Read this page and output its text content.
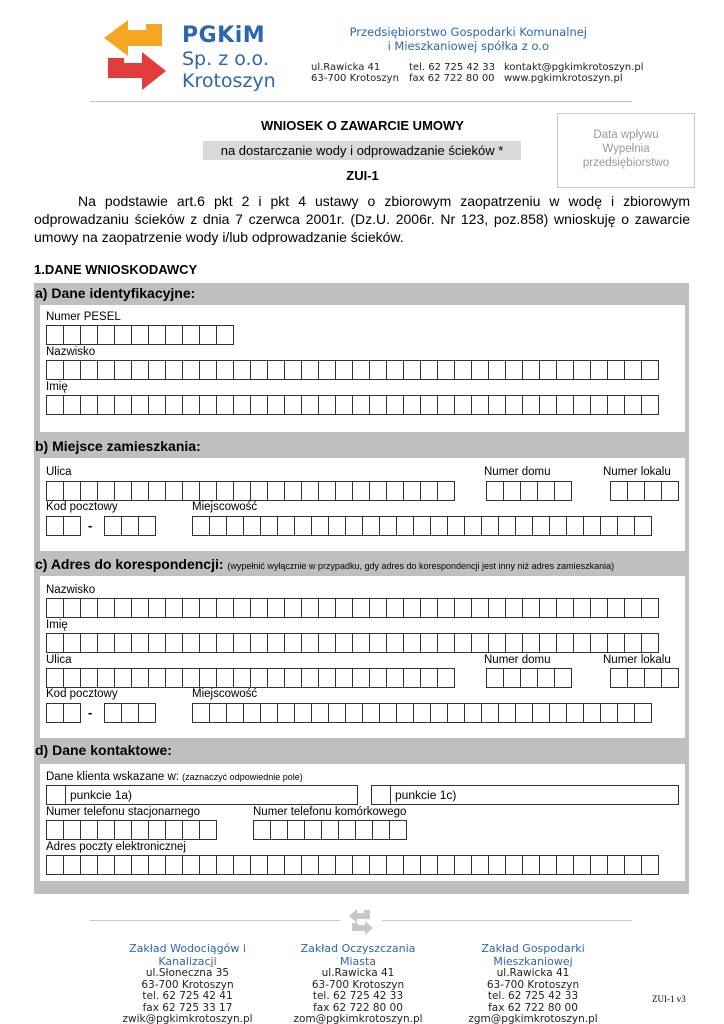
PGKiM
Sp. z o.o.
Krotoszyn
Przedsiębiorstwo Gospodarki Komunalnej
i Mieszkaniowej spółka z o.o
ul.Rawicka 41
63-700 Krotoszyn
tel. 62 725 42 33
fax 62 722 80 00
kontakt@pgkimkrotoszyn.pl
www.pgkimkrotoszyn.pl
WNIOSEK O ZAWARCIE UMOWY
na dostarczanie wody i odprowadzanie ścieków *
ZUI-1
Data wpływu
Wypełnia
przedsiębiorstwo
Na podstawie art.6 pkt 2 i pkt 4 ustawy o zbiorowym zaopatrzeniu w wodę i zbiorowym odprowadzaniu ścieków z dnia 7 czerwca 2001r. (Dz.U. 2006r. Nr 123, poz.858) wnioskuję o zawarcie umowy na zaopatrzenie wody i/lub odprowadzanie ścieków.
1.DANE WNIOSKODAWCY
a) Dane identyfikacyjne:
Numer PESEL
Nazwisko
Imię
b) Miejsce zamieszkania:
Ulica	Numer domu	Numer lokalu
Kod pocztowy	Miejscowość
-
c) Adres do korespondencji: (wypełnić wyłącznie w przypadku, gdy adres do korespondencji jest inny niż adres zamieszkania)
Nazwisko
Imię
Ulica	Numer domu	Numer lokalu
Kod pocztowy	Miejscowość
-
d) Dane kontaktowe:
Dane klienta wskazane w: (zaznaczyć odpowiednie pole)
punkcie 1a)	punkcie 1c)
Numer telefonu stacjonarnego	Numer telefonu komórkowego
Adres poczty elektronicznej
Zakład Wodociągów i Kanalizacji
ul.Słoneczna 35
63-700 Krotoszyn
tel. 62 725 42 41
fax 62 725 33 17
zwik@pgkimkrotoszyn.pl
Zakład Oczyszczania Miasta
ul.Rawicka 41
63-700 Krotoszyn
tel. 62 725 42 33
fax 62 722 80 00
zom@pgkimkrotoszyn.pl
Zakład Gospodarki Mieszkaniowej
ul.Rawicka 41
63-700 Krotoszyn
tel. 62 725 42 33
fax 62 722 80 00
zgm@pgkimkrotoszyn.pl
ZUI-1 v3
